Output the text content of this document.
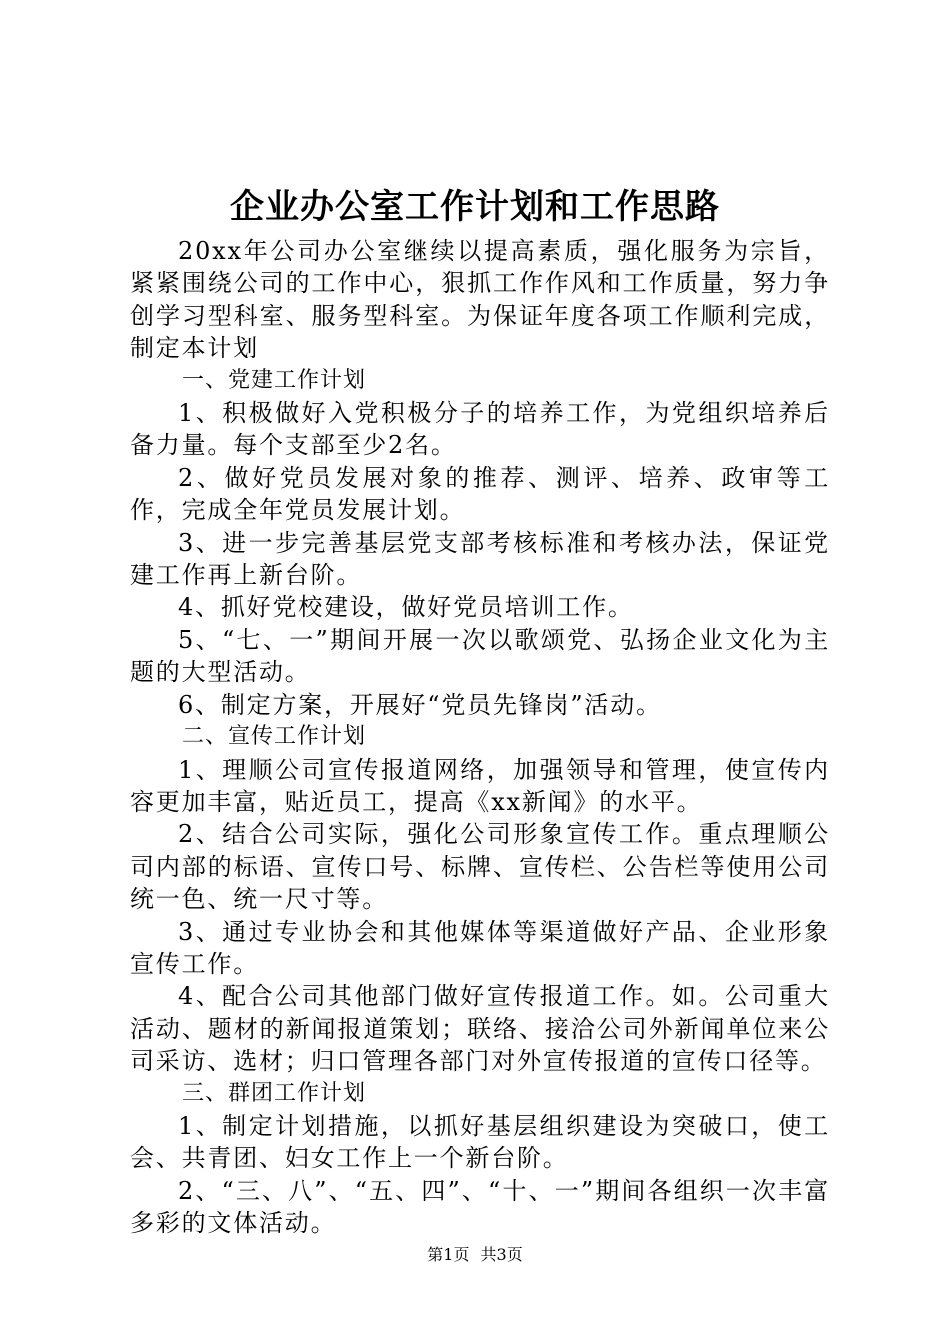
企业办公室工作计划和工作思路

20xx年公司办公室继续以提高素质，强化服务为宗旨，紧紧围绕公司的工作中心，狠抓工作作风和工作质量，努力争创学习型科室、服务型科室。为保证年度各项工作顺利完成，制定本计划

一、党建工作计划

1、积极做好入党积极分子的培养工作，为党组织培养后备力量。每个支部至少2名。

2、做好党员发展对象的推荐、测评、培养、政审等工作，完成全年党员发展计划。

3、进一步完善基层党支部考核标准和考核办法，保证党建工作再上新台阶。

4、抓好党校建设，做好党员培训工作。

5、“七、一”期间开展一次以歌颂党、弘扬企业文化为主题的大型活动。

6、制定方案，开展好“党员先锋岗”活动。

二、宣传工作计划

1、理顺公司宣传报道网络，加强领导和管理，使宣传内容更加丰富，贴近员工，提高《xx新闻》的水平。

2、结合公司实际，强化公司形象宣传工作。重点理顺公司内部的标语、宣传口号、标牌、宣传栏、公告栏等使用公司统一色、统一尺寸等。

3、通过专业协会和其他媒体等渠道做好产品、企业形象宣传工作。

4、配合公司其他部门做好宣传报道工作。如。公司重大活动、题材的新闻报道策划；联络、接洽公司外新闻单位来公司采访、选材；归口管理各部门对外宣传报道的宣传口径等。

三、群团工作计划

1、制定计划措施，以抓好基层组织建设为突破口，使工会、共青团、妇女工作上一个新台阶。

2、“三、八”、“五、四”、“十、一”期间各组织一次丰富多彩的文体活动。

第1页 共3页
